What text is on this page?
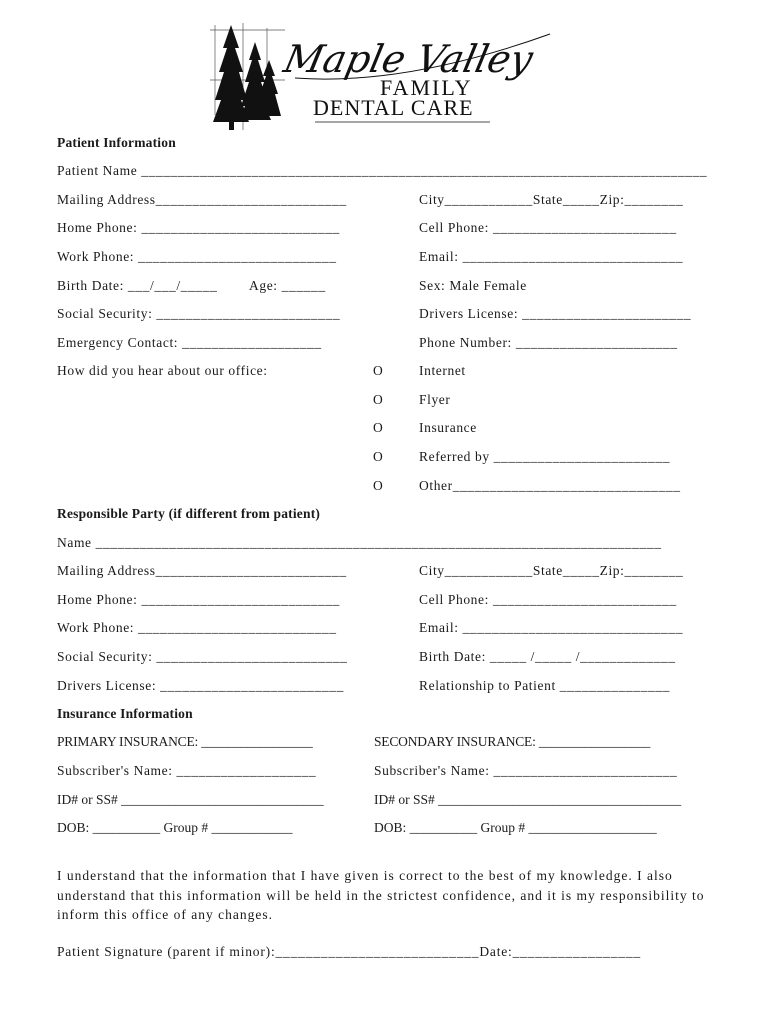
Maple Valley
FAMILY
DENTAL CARE
Patient Information
Patient Name _____________________________________________________________________________
Mailing Address__________________________	City____________State_____Zip:________
Home Phone: ___________________________	Cell Phone: _________________________
Work Phone: ___________________________	Email: ______________________________
Birth Date: ___/___/_____ Age: ______	Sex: Male Female
Social Security: _________________________	Drivers License: _______________________
Emergency Contact: ___________________	Phone Number: ______________________
How did you hear about our office:	O	Internet
O	Flyer
O	Insurance
O	Referred by ________________________
O	Other_______________________________
Responsible Party (if different from patient)
Name _____________________________________________________________________________
Mailing Address__________________________	City____________State_____Zip:________
Home Phone: ___________________________	Cell Phone: _________________________
Work Phone: ___________________________	Email: ______________________________
Social Security: __________________________	Birth Date: _____ /_____ /_____________
Drivers License: _________________________	Relationship to Patient _______________
Insurance Information
PRIMARY INSURANCE: _________________	SECONDARY INSURANCE: _________________
Subscriber's Name: ___________________	Subscriber's Name: _________________________
ID# or SS# ______________________________	ID# or SS# ____________________________________
DOB: __________ Group # ____________	DOB: __________ Group # ___________________
I understand that the information that I have given is correct to the best of my knowledge. I also understand that this information will be held in the strictest confidence, and it is my responsibility to inform this office of any changes.
Patient Signature (parent if minor):___________________________Date:_________________
